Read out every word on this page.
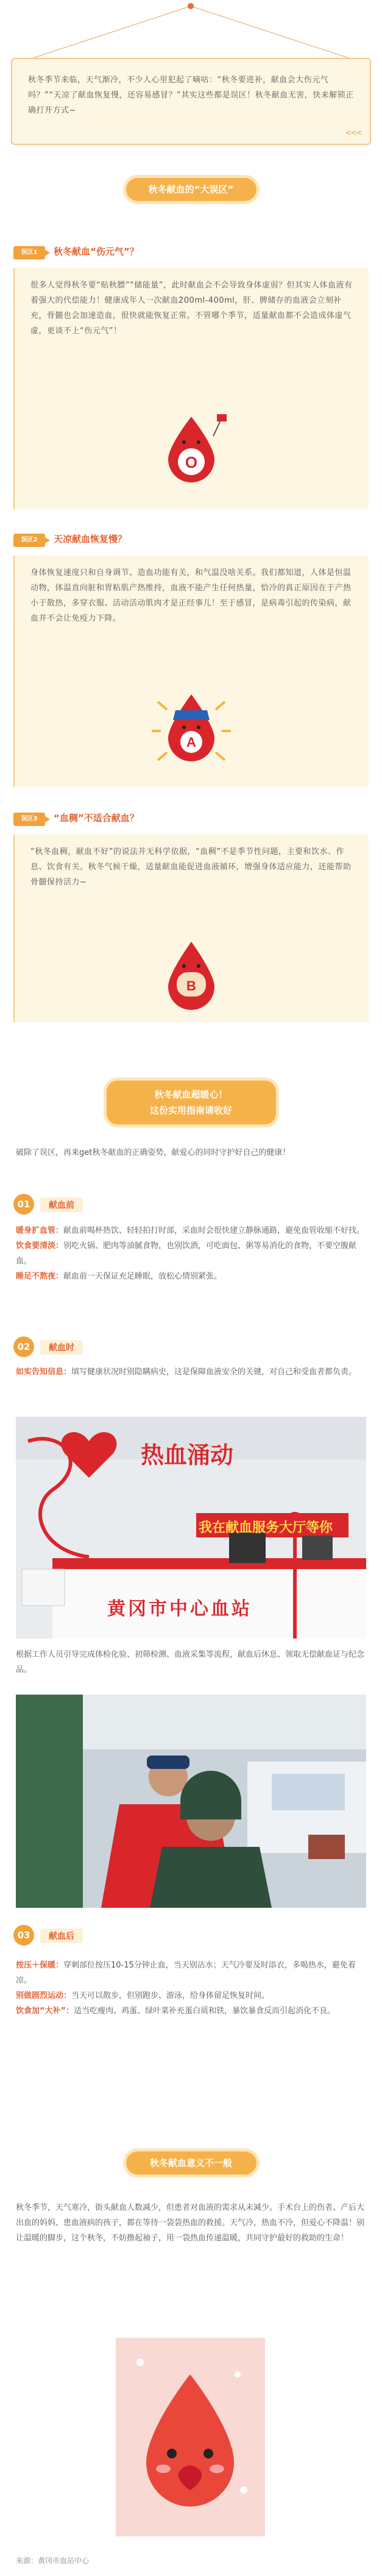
秋冬季节来临，天气渐冷，不少人心里犯起了嘀咕：“秋冬要进补，献血会大伤元气吗？”“天凉了献血恢复慢，还容易感冒？”其实这些都是误区！秋冬献血无害，快来解锁正确打开方式~
<<<
秋冬献血的“大误区”
误区1	秋冬献血“伤元气”？
很多人觉得秋冬要“贴秋膘”“储能量”，此时献血会不会导致身体虚弱？但其实人体血液有着强大的代偿能力！健康成年人一次献血200ml-400ml，肝、脾储存的血液会立刻补充，骨髓也会加速造血，很快就能恢复正常。不管哪个季节，适量献血都不会造成体虚气虚，更谈不上“伤元气”！
O
误区2	天凉献血恢复慢？
身体恢复速度只和自身调节、造血功能有关，和气温没啥关系。我们都知道，人体是恒温动物，体温直向脏和胃粘肌产热维持，血液不能产生任何热量，恰冷的真正原因在于产热小于散热，多穿衣服、活动活动肌肉才是正经事儿！至于感冒，是病毒引起的传染病，献血并不会让免疫力下降。
A
误区3	“血稠”不适合献血？
“秋冬血稠，献血不好”的说法并无科学依据，“血稠”不是季节性问题，主要和饮水、作息、饮食有关。秋冬气候干燥，适量献血能促进血液循环，增强身体适应能力，还能帮助骨髓保持活力~
B
秋冬献血超暖心！
这份实用指南请收好
破除了误区，再来get秋冬献血的正确姿势，献爱心的同时守护好自己的健康！
01	献血前
暖身扩血管：献血前喝杯热饮、轻轻拍打时部，采血时会很快建立静脉通路，避免血管收缩不好找。
饮食要清淡：别吃火锅、肥肉等油腻食物，也别饮酒，可吃面包、粥等易消化的食物，不要空腹献血。
睡足不熬夜：献血前一天保证充足睡眠，放松心情别紧张。
02	献血时
如实告知信息：填写健康状况时别隐瞒病史，这是保障血液安全的关键，对自己和受血者都负责。
热血涌动
我在献血服务大厅等你
黄冈市中心血站
根据工作人员引导完成体检化验、初筛检测、血液采集等流程，献血后休息、领取无偿献血证与纪念品。
03	献血后
按压＋保暖：穿刺部位按压10-15分钟止血，当天别沾水；天气冷要及时添衣，多喝热水，避免着凉。
别做剧烈运动：当天可以散步，但别跑步、游泳，给身体留足恢复时间。
饮食加“大补”：适当吃瘦肉、鸡蛋、绿叶菜补充蛋白质和铁，暴饮暴食反而引起消化不良。
秋冬献血意义不一般
秋冬季节，天气寒冷，街头献血人数减少，但患者对血液的需求从未减少。手术台上的伤者、产后大出血的妈妈、患血液病的孩子，都在等待一袋袋热血的救援。天气冷，热血不冷，但爱心不降温！别让温暖的脚步，这个秋冬，不妨撸起袖子，用一袋热血传递温暖，共同守护最好的救助的生命！
来源：黄冈市血站中心
